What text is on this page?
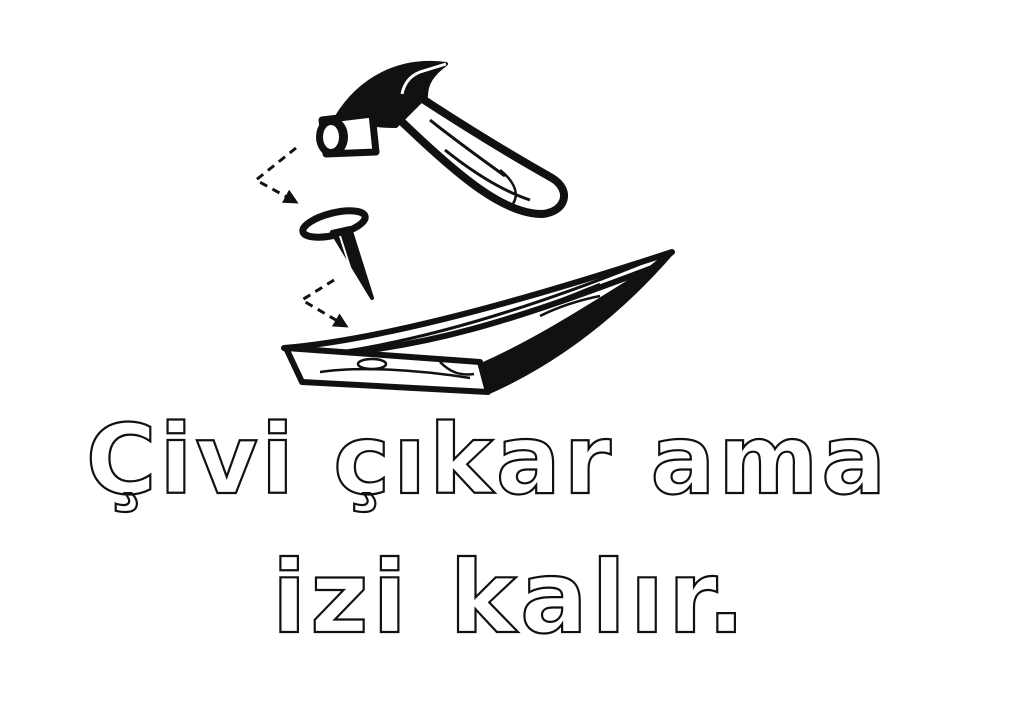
Çivi çıkar ama

izi kalır.
